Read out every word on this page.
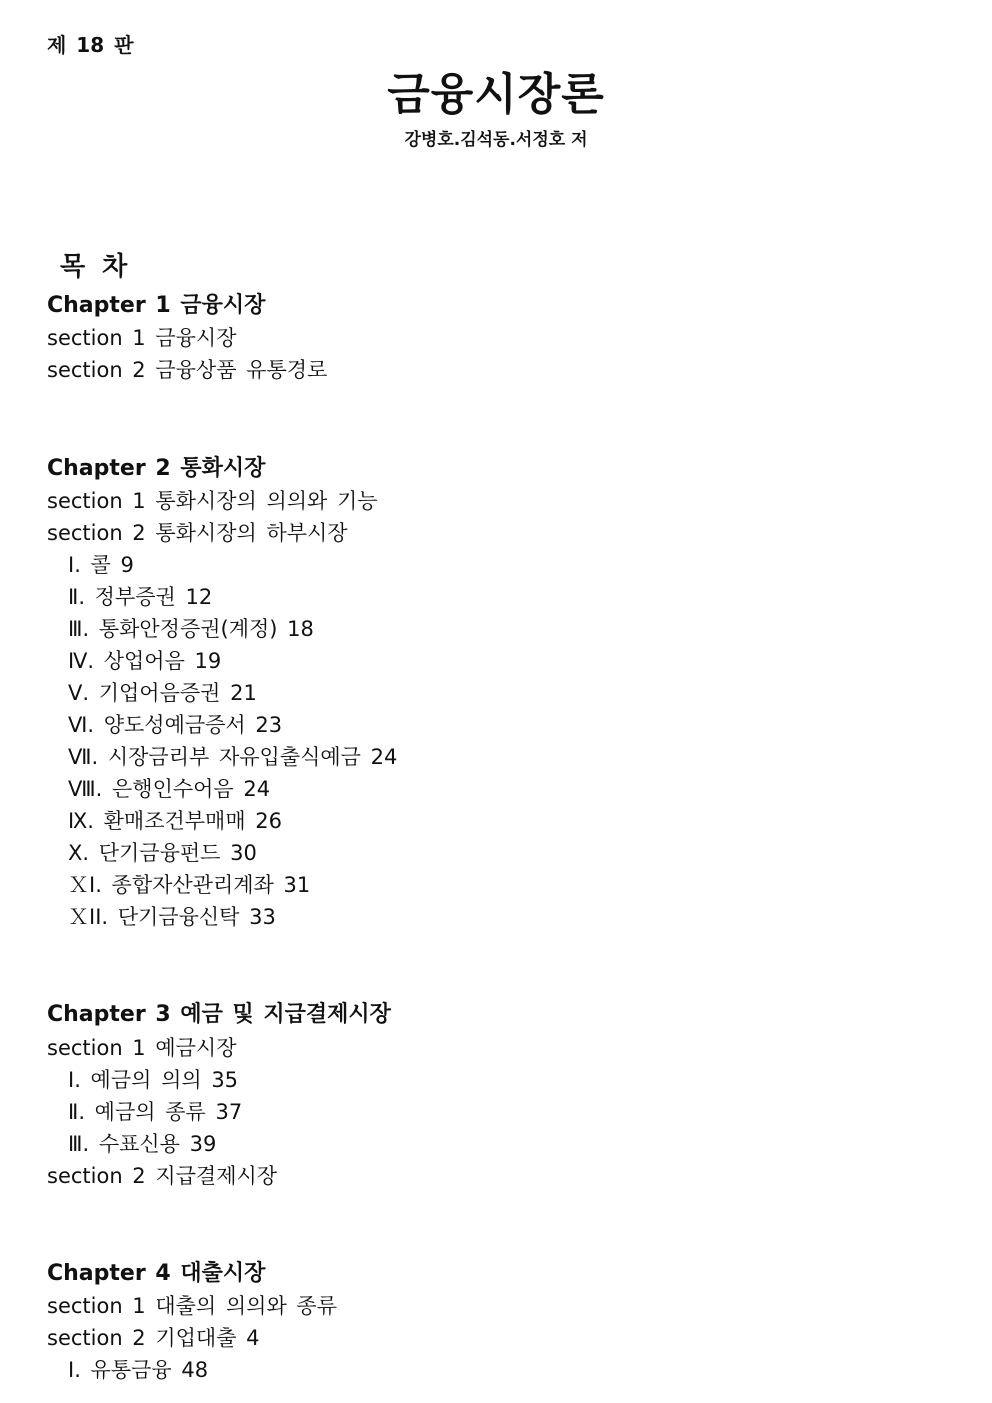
제 18 판
금융시장론
강병호.김석동.서정호 저
목 차
Chapter 1 금융시장
section 1 금융시장
section 2 금융상품 유통경로
Chapter 2 통화시장
section 1 통화시장의 의의와 기능
section 2 통화시장의 하부시장
Ⅰ. 콜 9
Ⅱ. 정부증권 12
Ⅲ. 통화안정증권(계정) 18
Ⅳ. 상업어음 19
Ⅴ. 기업어음증권 21
Ⅵ. 양도성예금증서 23
Ⅶ. 시장금리부 자유입출식예금 24
Ⅷ. 은행인수어음 24
Ⅸ. 환매조건부매매 26
Ⅹ. 단기금융펀드 30
ＸⅠ. 종합자산관리계좌 31
ＸⅠⅠ. 단기금융신탁 33
Chapter 3 예금 및 지급결제시장
section 1 예금시장
Ⅰ. 예금의 의의 35
Ⅱ. 예금의 종류 37
Ⅲ. 수표신용 39
section 2 지급결제시장
Chapter 4 대출시장
section 1 대출의 의의와 종류
section 2 기업대출 4
Ⅰ. 유통금융 48
